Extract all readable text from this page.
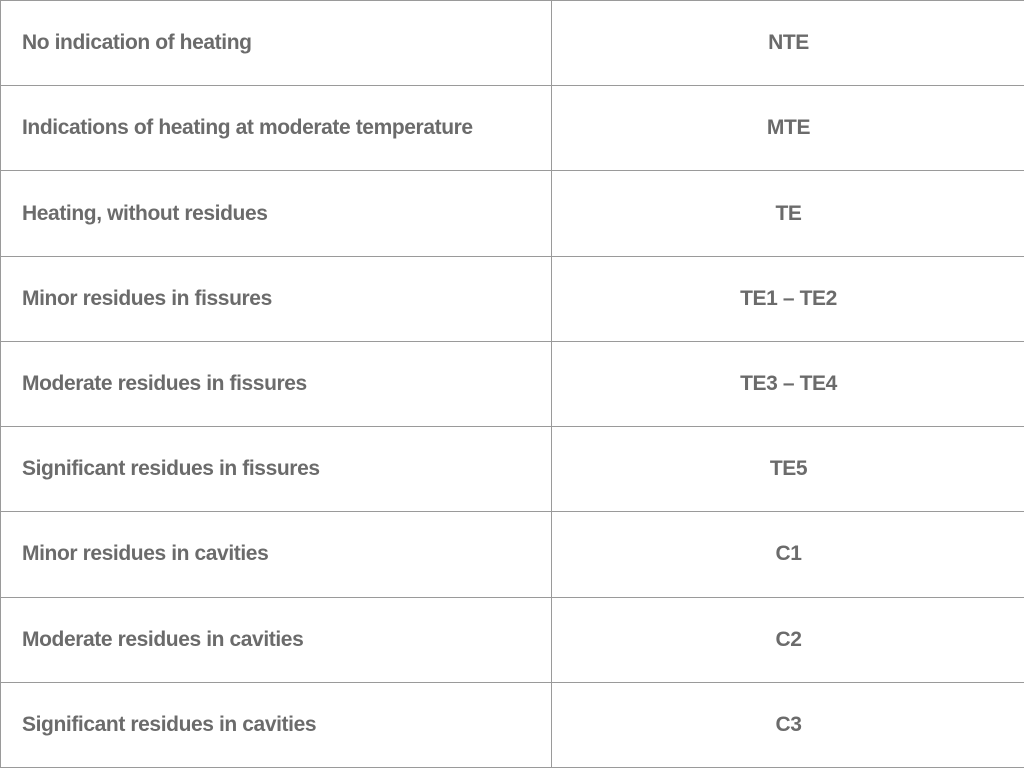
No indication of heating	NTE
Indications of heating at moderate temperature	MTE
Heating, without residues	TE
Minor residues in fissures	TE1 – TE2
Moderate residues in fissures	TE3 – TE4
Significant residues in fissures	TE5
Minor residues in cavities	C1
Moderate residues in cavities	C2
Significant residues in cavities	C3
